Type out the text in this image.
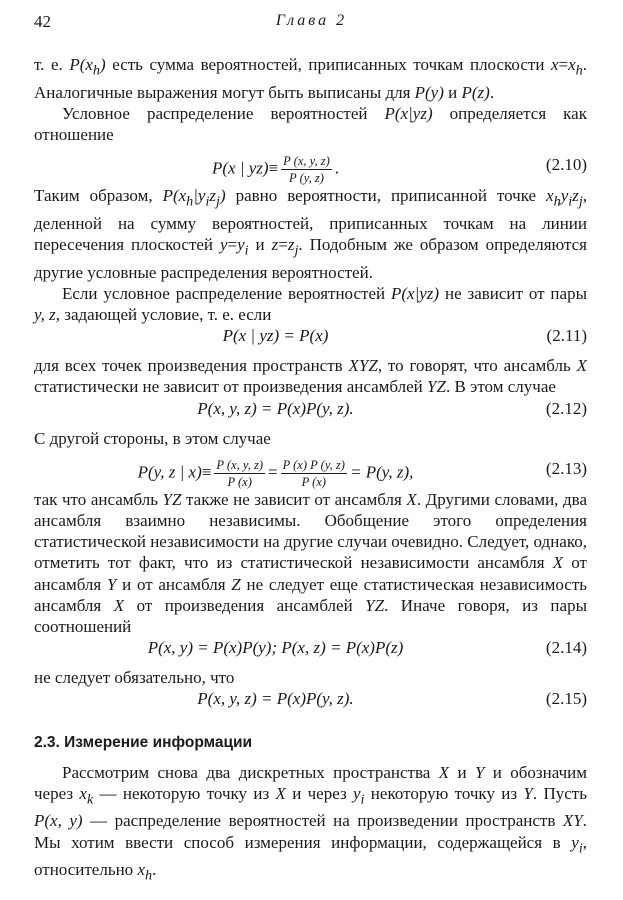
42	Глава 2

т. е. $P(x_h)$ есть сумма вероятностей, приписанных точкам плоскости $x=x_h$. Аналогичные выражения могут быть выписаны для P(y) и P(z).

Условное распределение вероятностей P(x|yz) определяется как отношение

P(x | $yz)\equiv \frac{P (x, y, z)}{P (y, z)}$ .	(2.10)

Таким образом, $P(x_h|y_iz_j)$ равно вероятности, приписанной точке $x_hy_iz_j$, деленной на сумму вероятностей, приписанных точкам на линии пересечения плоскостей $y=y_i$ и $z=z_j$. Подобным же образом определяются другие условные распределения вероятностей.

Если условное распределение вероятностей P(x|yz) не зависит от пары y, z, задающей условие, т. е. если

P(x | yz) = P(x)	(2.11)

для всех точек произведения пространств XYZ, то говорят, что ансамбль X статистически не зависит от произведения ансамблей YZ. В этом случае

P(x, y, z) = P(x)P(y, z).	(2.12)

С другой стороны, в этом случае

P(y, z | $x)\equiv \frac{P (x, y, z)}{P (x)} = \frac{P (x) P (y, z)}{P (x)} = P(y$, z),	(2.13)

так что ансамбль YZ также не зависит от ансамбля X. Другими словами, два ансамбля взаимно независимы. Обобщение этого определения статистической независимости на другие случаи очевидно. Следует, однако, отметить тот факт, что из статистической независимости ансамбля X от ансамбля Y и от ансамбля Z не следует еще статистическая независимость ансамбля X от произведения ансамблей YZ. Иначе говоря, из пары соотношений

P(x, y) = P(x)P(y); P(x, z) = P(x)P(z)	(2.14)

не следует обязательно, что

P(x, y, z) = P(x)P(y, z).	(2.15)
2.3. Измерение информации

Рассмотрим снова два дискретных пространства X и Y и обозначим через $x_k$ — некоторую точку из X и через $y_i$ некоторую точку из Y. Пусть P(x, y) — распределение вероятностей на произведении пространств XY. Мы хотим ввести способ измерения информации, содержащейся в $y_i$, относительно $x_h$.
